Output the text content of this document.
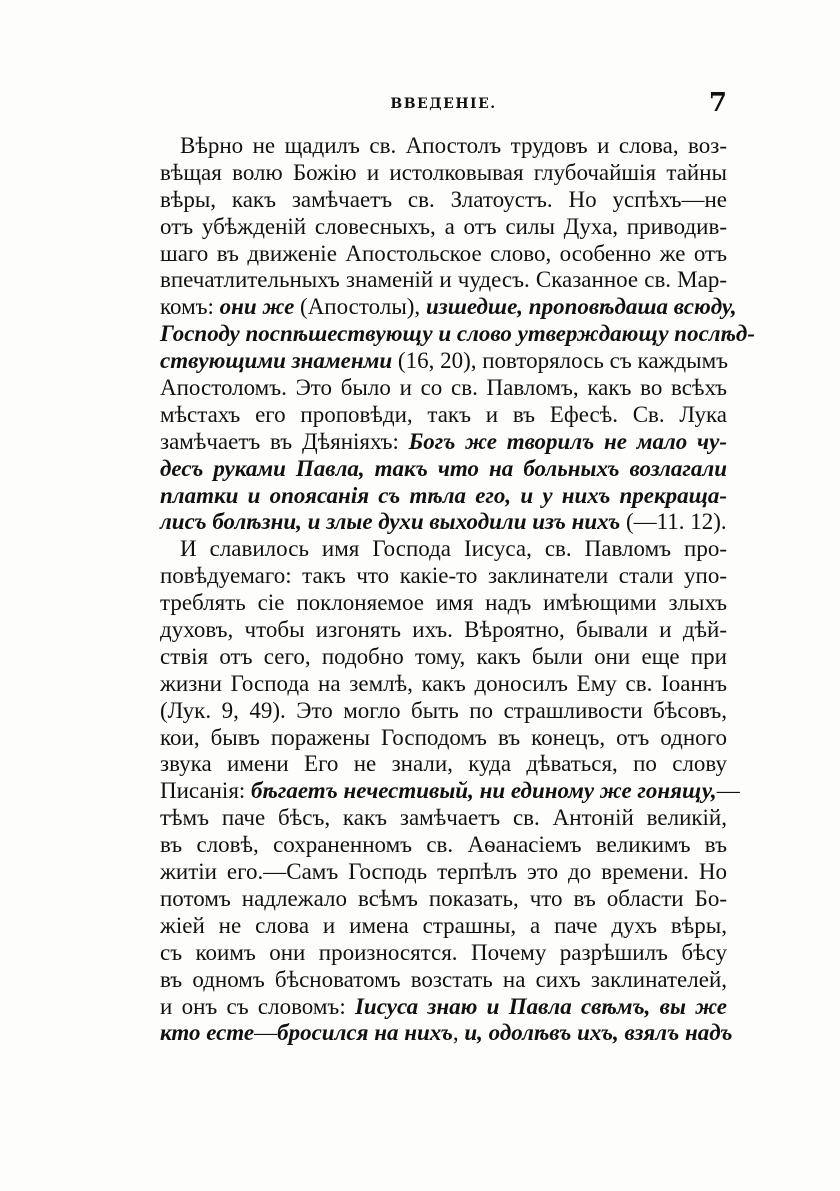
ВВЕДЕНІЕ.	7
Вѣрно не щадилъ св. Апостолъ трудовъ и слова, воз-
вѣщая волю Божію и истолковывая глубочайшія тайны
вѣры, какъ замѣчаетъ св. Златоустъ. Но успѣхъ—не
отъ убѣжденій словесныхъ, а отъ силы Духа, приводив-
шаго въ движеніе Апостольское слово, особенно же отъ
впечатлительныхъ знаменій и чудесъ. Сказанное св. Мар-
комъ: они же (Апостолы), изшедше, проповѣдаша всюду,
Господу поспѣшествующу и слово утверждающу послѣд-
ствующими знаменми (16, 20), повторялось съ каждымъ
Апостоломъ. Это было и со св. Павломъ, какъ во всѣхъ
мѣстахъ его проповѣди, такъ и въ Ефесѣ. Св. Лука
замѣчаетъ въ Дѣяніяхъ: Богъ же творилъ не мало чу-
десъ руками Павла, такъ что на больныхъ возлагали
платки и опоясанія съ тѣла его, и у нихъ прекраща-
лисъ болѣзни, и злые духи выходили изъ нихъ (—11. 12).
И славилось имя Господа Іисуса, св. Павломъ про-
повѣдуемаго: такъ что какіе-то заклинатели стали упо-
треблять сіе поклоняемое имя надъ имѣющими злыхъ
духовъ, чтобы изгонять ихъ. Вѣроятно, бывали и дѣй-
ствія отъ сего, подобно тому, какъ были они еще при
жизни Господа на землѣ, какъ доносилъ Ему св. Іоаннъ
(Лук. 9, 49). Это могло быть по страшливости бѣсовъ,
кои, бывъ поражены Господомъ въ конецъ, отъ одного
звука имени Его не знали, куда дѣваться, по слову
Писанія: бѣгаетъ нечестивый, ни единому же гонящу,—
тѣмъ паче бѣсъ, какъ замѣчаетъ св. Антоній великій,
въ словѣ, сохраненномъ св. Аѳанасіемъ великимъ въ
житіи его.—Самъ Господь терпѣлъ это до времени. Но
потомъ надлежало всѣмъ показать, что въ области Бо-
жіей не слова и имена страшны, а паче духъ вѣры,
съ коимъ они произносятся. Почему разрѣшилъ бѣсу
въ одномъ бѣсноватомъ возстать на сихъ заклинателей,
и онъ съ словомъ: Іисуса знаю и Павла свѣмъ, вы же
кто есте—бросился на нихъ, и, одолѣвъ ихъ, взялъ надъ
